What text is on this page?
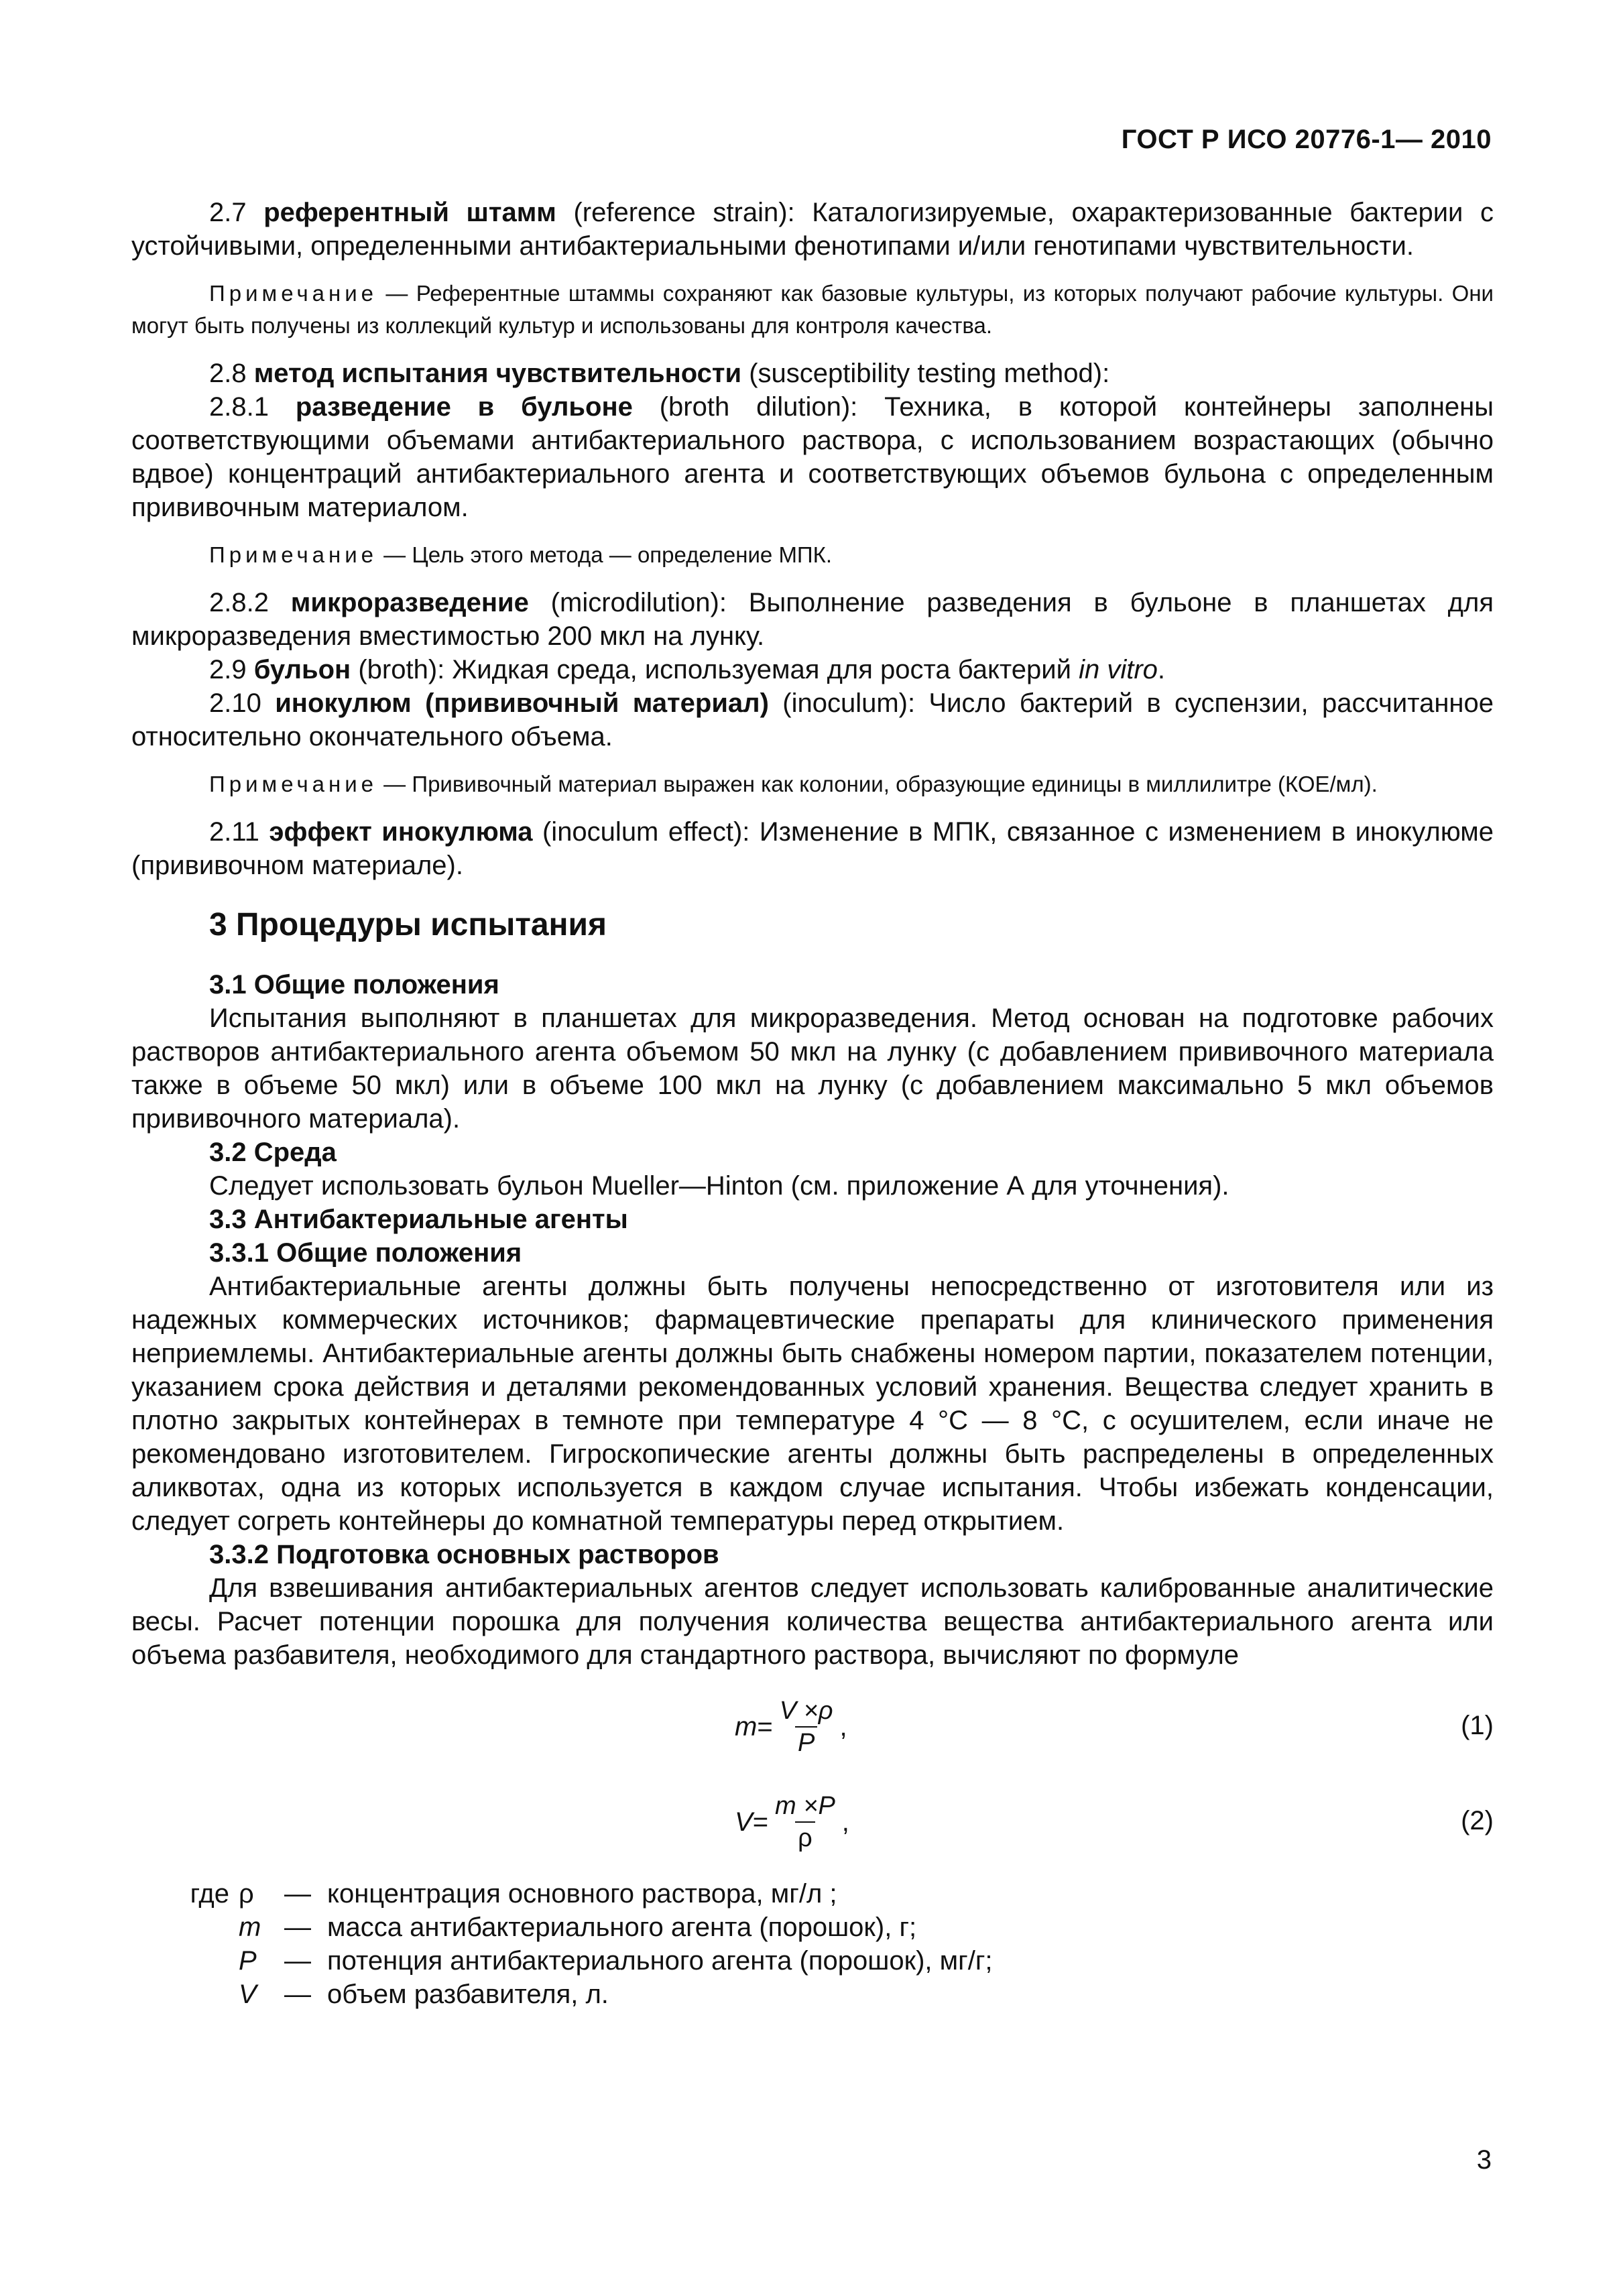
ГОСТ Р ИСО 20776-1— 2010

2.7 референтный штамм (reference strain): Каталогизируемые, охарактеризованные бактерии с устойчивыми, определенными антибактериальными фенотипами и/или генотипами чувствительности.

Примечание — Референтные штаммы сохраняют как базовые культуры, из которых получают рабочие культуры. Они могут быть получены из коллекций культур и использованы для контроля качества.

2.8 метод испытания чувствительности (susceptibility testing method):

2.8.1 разведение в бульоне (broth dilution): Техника, в которой контейнеры заполнены соответствующими объемами антибактериального раствора, с использованием возрастающих (обычно вдвое) концентраций антибактериального агента и соответствующих объемов бульона с определенным прививочным материалом.

Примечание — Цель этого метода — определение МПК.

2.8.2 микроразведение (microdilution): Выполнение разведения в бульоне в планшетах для микроразведения вместимостью 200 мкл на лунку.

2.9 бульон (broth): Жидкая среда, используемая для роста бактерий in vitro.

2.10 инокулюм (прививочный материал) (inoculum): Число бактерий в суспензии, рассчитанное относительно окончательного объема.

Примечание — Прививочный материал выражен как колонии, образующие единицы в миллилитре (КОЕ/мл).

2.11 эффект инокулюма (inoculum effect): Изменение в МПК, связанное с изменением в инокулюме (прививочном материале).

3 Процедуры испытания

3.1 Общие положения

Испытания выполняют в планшетах для микроразведения. Метод основан на подготовке рабочих растворов антибактериального агента объемом 50 мкл на лунку (с добавлением прививочного материала также в объеме 50 мкл) или в объеме 100 мкл на лунку (с добавлением максимально 5 мкл объемов прививочного материала).

3.2 Среда

Следует использовать бульон Mueller—Hinton (см. приложение А для уточнения).

3.3 Антибактериальные агенты

3.3.1 Общие положения

Антибактериальные агенты должны быть получены непосредственно от изготовителя или из надежных коммерческих источников; фармацевтические препараты для клинического применения неприемлемы. Антибактериальные агенты должны быть снабжены номером партии, показателем потенции, указанием срока действия и деталями рекомендованных условий хранения. Вещества следует хранить в плотно закрытых контейнерах в темноте при температуре 4 °C — 8 °C, с осушителем, если иначе не рекомендовано изготовителем. Гигроскопические агенты должны быть распределены в определенных аликвотах, одна из которых используется в каждом случае испытания. Чтобы избежать конденсации, следует согреть контейнеры до комнатной температуры перед открытием.

3.3.2 Подготовка основных растворов

Для взвешивания антибактериальных агентов следует использовать калиброванные аналитические весы. Расчет потенции порошка для получения количества вещества антибактериального агента или объема разбавителя, необходимого для стандартного раствора, вычисляют по формуле

$m = \frac{V \times\rho}{P}$ ,	(1)
$V = \frac{m \times P}{\rho}$ ,	(2)
где ρ	— концентрация основного раствора, мг/л ;
m — масса антибактериального агента (порошок), г;
P	— потенция антибактериального агента (порошок), мг/г;
V	— объем разбавителя, л.
3
